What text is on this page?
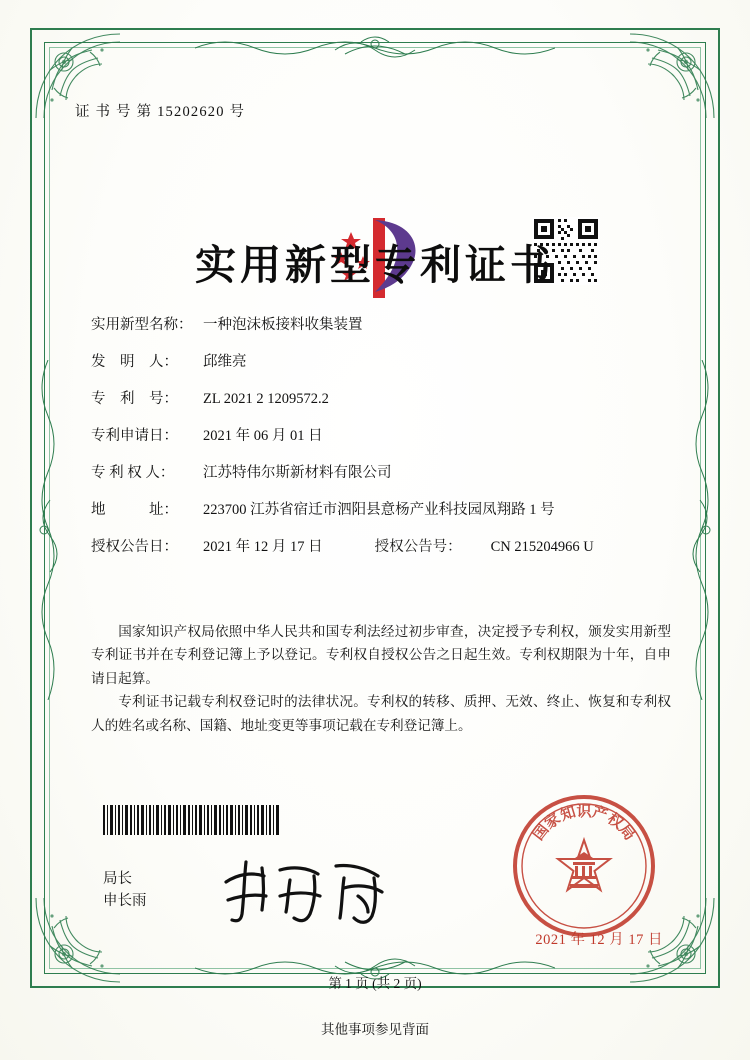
证 书 号 第 15202620 号
实用新型专利证书
实用新型名称： 一种泡沫板接料收集装置
发　明　人：	邱维亮
专　利　号：	ZL 2021 2 1209572.2
专利申请日：	2021 年 06 月 01 日
专 利 权 人：	江苏特伟尔斯新材料有限公司
地　　　址：	223700 江苏省宿迁市泗阳县意杨产业科技园凤翔路 1 号
授权公告日：	2021 年 12 月 17 日	授权公告号：	CN 215204966 U

国家知识产权局依照中华人民共和国专利法经过初步审查，决定授予专利权，颁发实用新型专利证书并在专利登记簿上予以登记。专利权自授权公告之日起生效。专利权期限为十年，自申请日起算。

专利证书记载专利权登记时的法律状况。专利权的转移、质押、无效、终止、恢复和专利权人的姓名或名称、国籍、地址变更等事项记载在专利登记簿上。

局长
申长雨
国
家
知
识
产
权
局
2021 年 12 月 17 日
第 1 页 (共 2 页)
其他事项参见背面
